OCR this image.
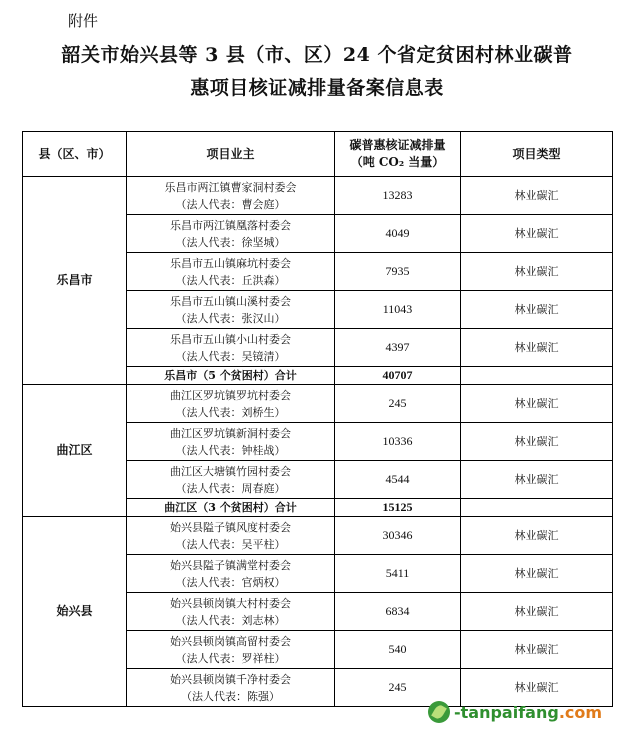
附件
韶关市始兴县等 3 县（市、区）24 个省定贫困村林业碳普
惠项目核证减排量备案信息表
县（区、市）	项目业主	碳普惠核证减排量
（吨 CO₂ 当量）	项目类型
乐昌市	乐昌市两江镇曹家洞村委会
（法人代表：曹会庭）	13283	林业碳汇

	乐昌市两江镇凰落村委会
（法人代表：徐坚城）	4049	林业碳汇

	乐昌市五山镇麻坑村委会
（法人代表：丘洪森）	7935	林业碳汇

	乐昌市五山镇山溪村委会
（法人代表：张汉山）	11043	林业碳汇

	乐昌市五山镇小山村委会
（法人代表：吴镜清）	4397	林业碳汇
	乐昌市（5 个贫困村）合计	40707	
曲江区	曲江区罗坑镇罗坑村委会
（法人代表：刘桥生）	245	林业碳汇

	曲江区罗坑镇新洞村委会
（法人代表：钟桂战）	10336	林业碳汇

	曲江区大塘镇竹园村委会
（法人代表：周春庭）	4544	林业碳汇
	曲江区（3 个贫困村）合计	15125	
始兴县	始兴县隘子镇风度村委会
（法人代表：吴平柱）	30346	林业碳汇

	始兴县隘子镇满堂村委会
（法人代表：官炳权）	5411	林业碳汇

	始兴县顿岗镇大村村委会
（法人代表：刘志林）	6834	林业碳汇

	始兴县顿岗镇高留村委会
（法人代表：罗祥柱）	540	林业碳汇

	始兴县顿岗镇千净村委会
（法人代表：陈强）	245	林业碳汇
-tanpaifang.com
